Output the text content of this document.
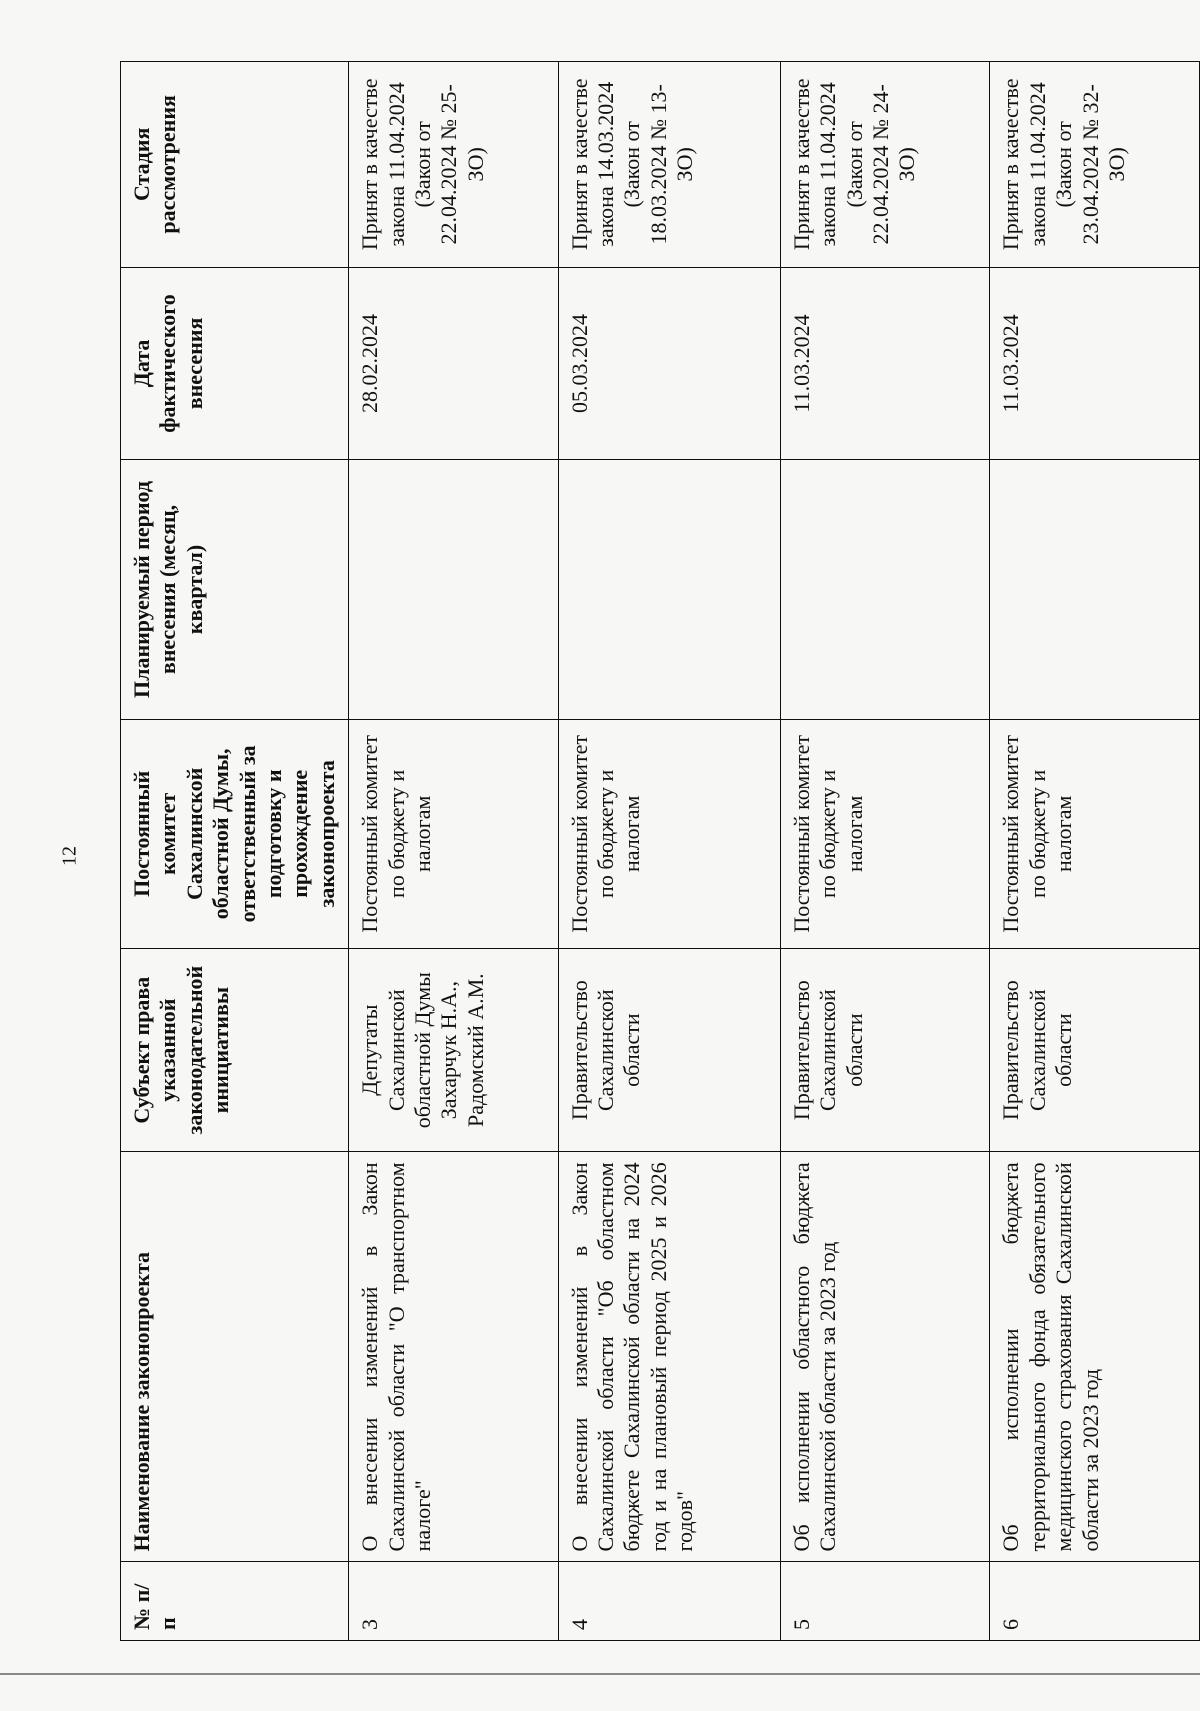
12
№ п/п	Наименование законопроекта	Субъект права указанной законодательной инициативы	Постоянный комитет Сахалинской областной Думы, ответственный за подготовку и прохождение законопроекта	Планируемый период внесения (месяц, квартал)	Дата фактического внесения	Стадия рассмотрения
3	О внесении изменений в Закон Сахалинской области "О транспортном налоге"	Депутаты Сахалинской областной Думы Захарчук Н.А., Радомский А.М.	Постоянный комитет по бюджету и налогам		28.02.2024	Принят в качестве закона 11.04.2024 (Закон от 22.04.2024 № 25-ЗО)
4	О внесении изменений в Закон Сахалинской области "Об областном бюджете Сахалинской области на 2024 год и на плановый период 2025 и 2026 годов"	Правительство Сахалинской области	Постоянный комитет по бюджету и налогам		05.03.2024	Принят в качестве закона 14.03.2024 (Закон от 18.03.2024 № 13-ЗО)
5	Об исполнении областного бюджета Сахалинской области за 2023 год	Правительство Сахалинской области	Постоянный комитет по бюджету и налогам		11.03.2024	Принят в качестве закона 11.04.2024 (Закон от 22.04.2024 № 24-ЗО)
6	Об исполнении бюджета территориального фонда обязательного медицинского страхования Сахалинской области за 2023 год	Правительство Сахалинской области	Постоянный комитет по бюджету и налогам		11.03.2024	Принят в качестве закона 11.04.2024 (Закон от 23.04.2024 № 32-ЗО)
